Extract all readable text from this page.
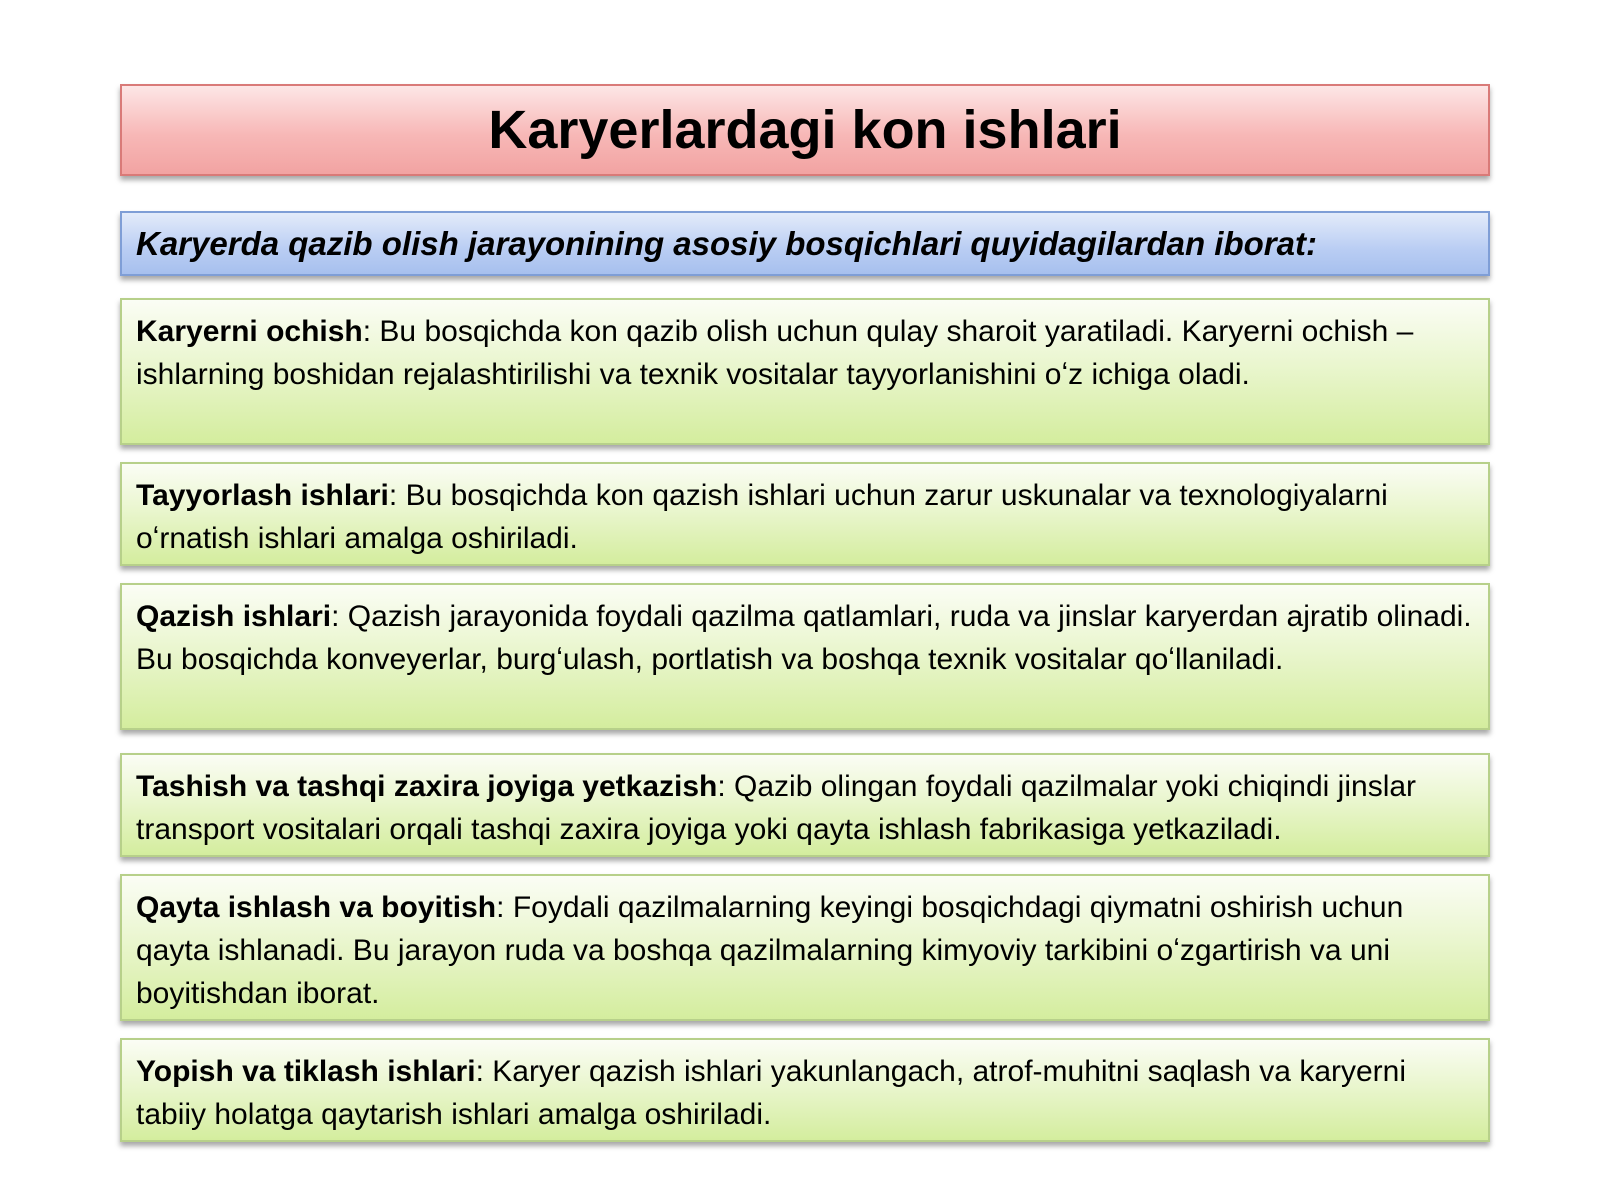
Karyerlardagi kon ishlari
Karyerda qazib olish jarayonining asosiy bosqichlari quyidagilardan iborat:
Karyerni ochish: Bu bosqichda kon qazib olish uchun qulay sharoit yaratiladi. Karyerni ochish – ishlarning boshidan rejalashtirilishi va texnik vositalar tayyorlanishini oʻz ichiga oladi.
Tayyorlash ishlari: Bu bosqichda kon qazish ishlari uchun zarur uskunalar va texnologiyalarni oʻrnatish ishlari amalga oshiriladi.
Qazish ishlari: Qazish jarayonida foydali qazilma qatlamlari, ruda va jinslar karyerdan ajratib olinadi. Bu bosqichda konveyerlar, burgʻulash, portlatish va boshqa texnik vositalar qoʻllaniladi.
Tashish va tashqi zaxira joyiga yetkazish: Qazib olingan foydali qazilmalar yoki chiqindi jinslar transport vositalari orqali tashqi zaxira joyiga yoki qayta ishlash fabrikasiga yetkaziladi.
Qayta ishlash va boyitish: Foydali qazilmalarning keyingi bosqichdagi qiymatni oshirish uchun qayta ishlanadi. Bu jarayon ruda va boshqa qazilmalarning kimyoviy tarkibini oʻzgartirish va uni boyitishdan iborat.
Yopish va tiklash ishlari: Karyer qazish ishlari yakunlangach, atrof-muhitni saqlash va karyerni tabiiy holatga qaytarish ishlari amalga oshiriladi.
